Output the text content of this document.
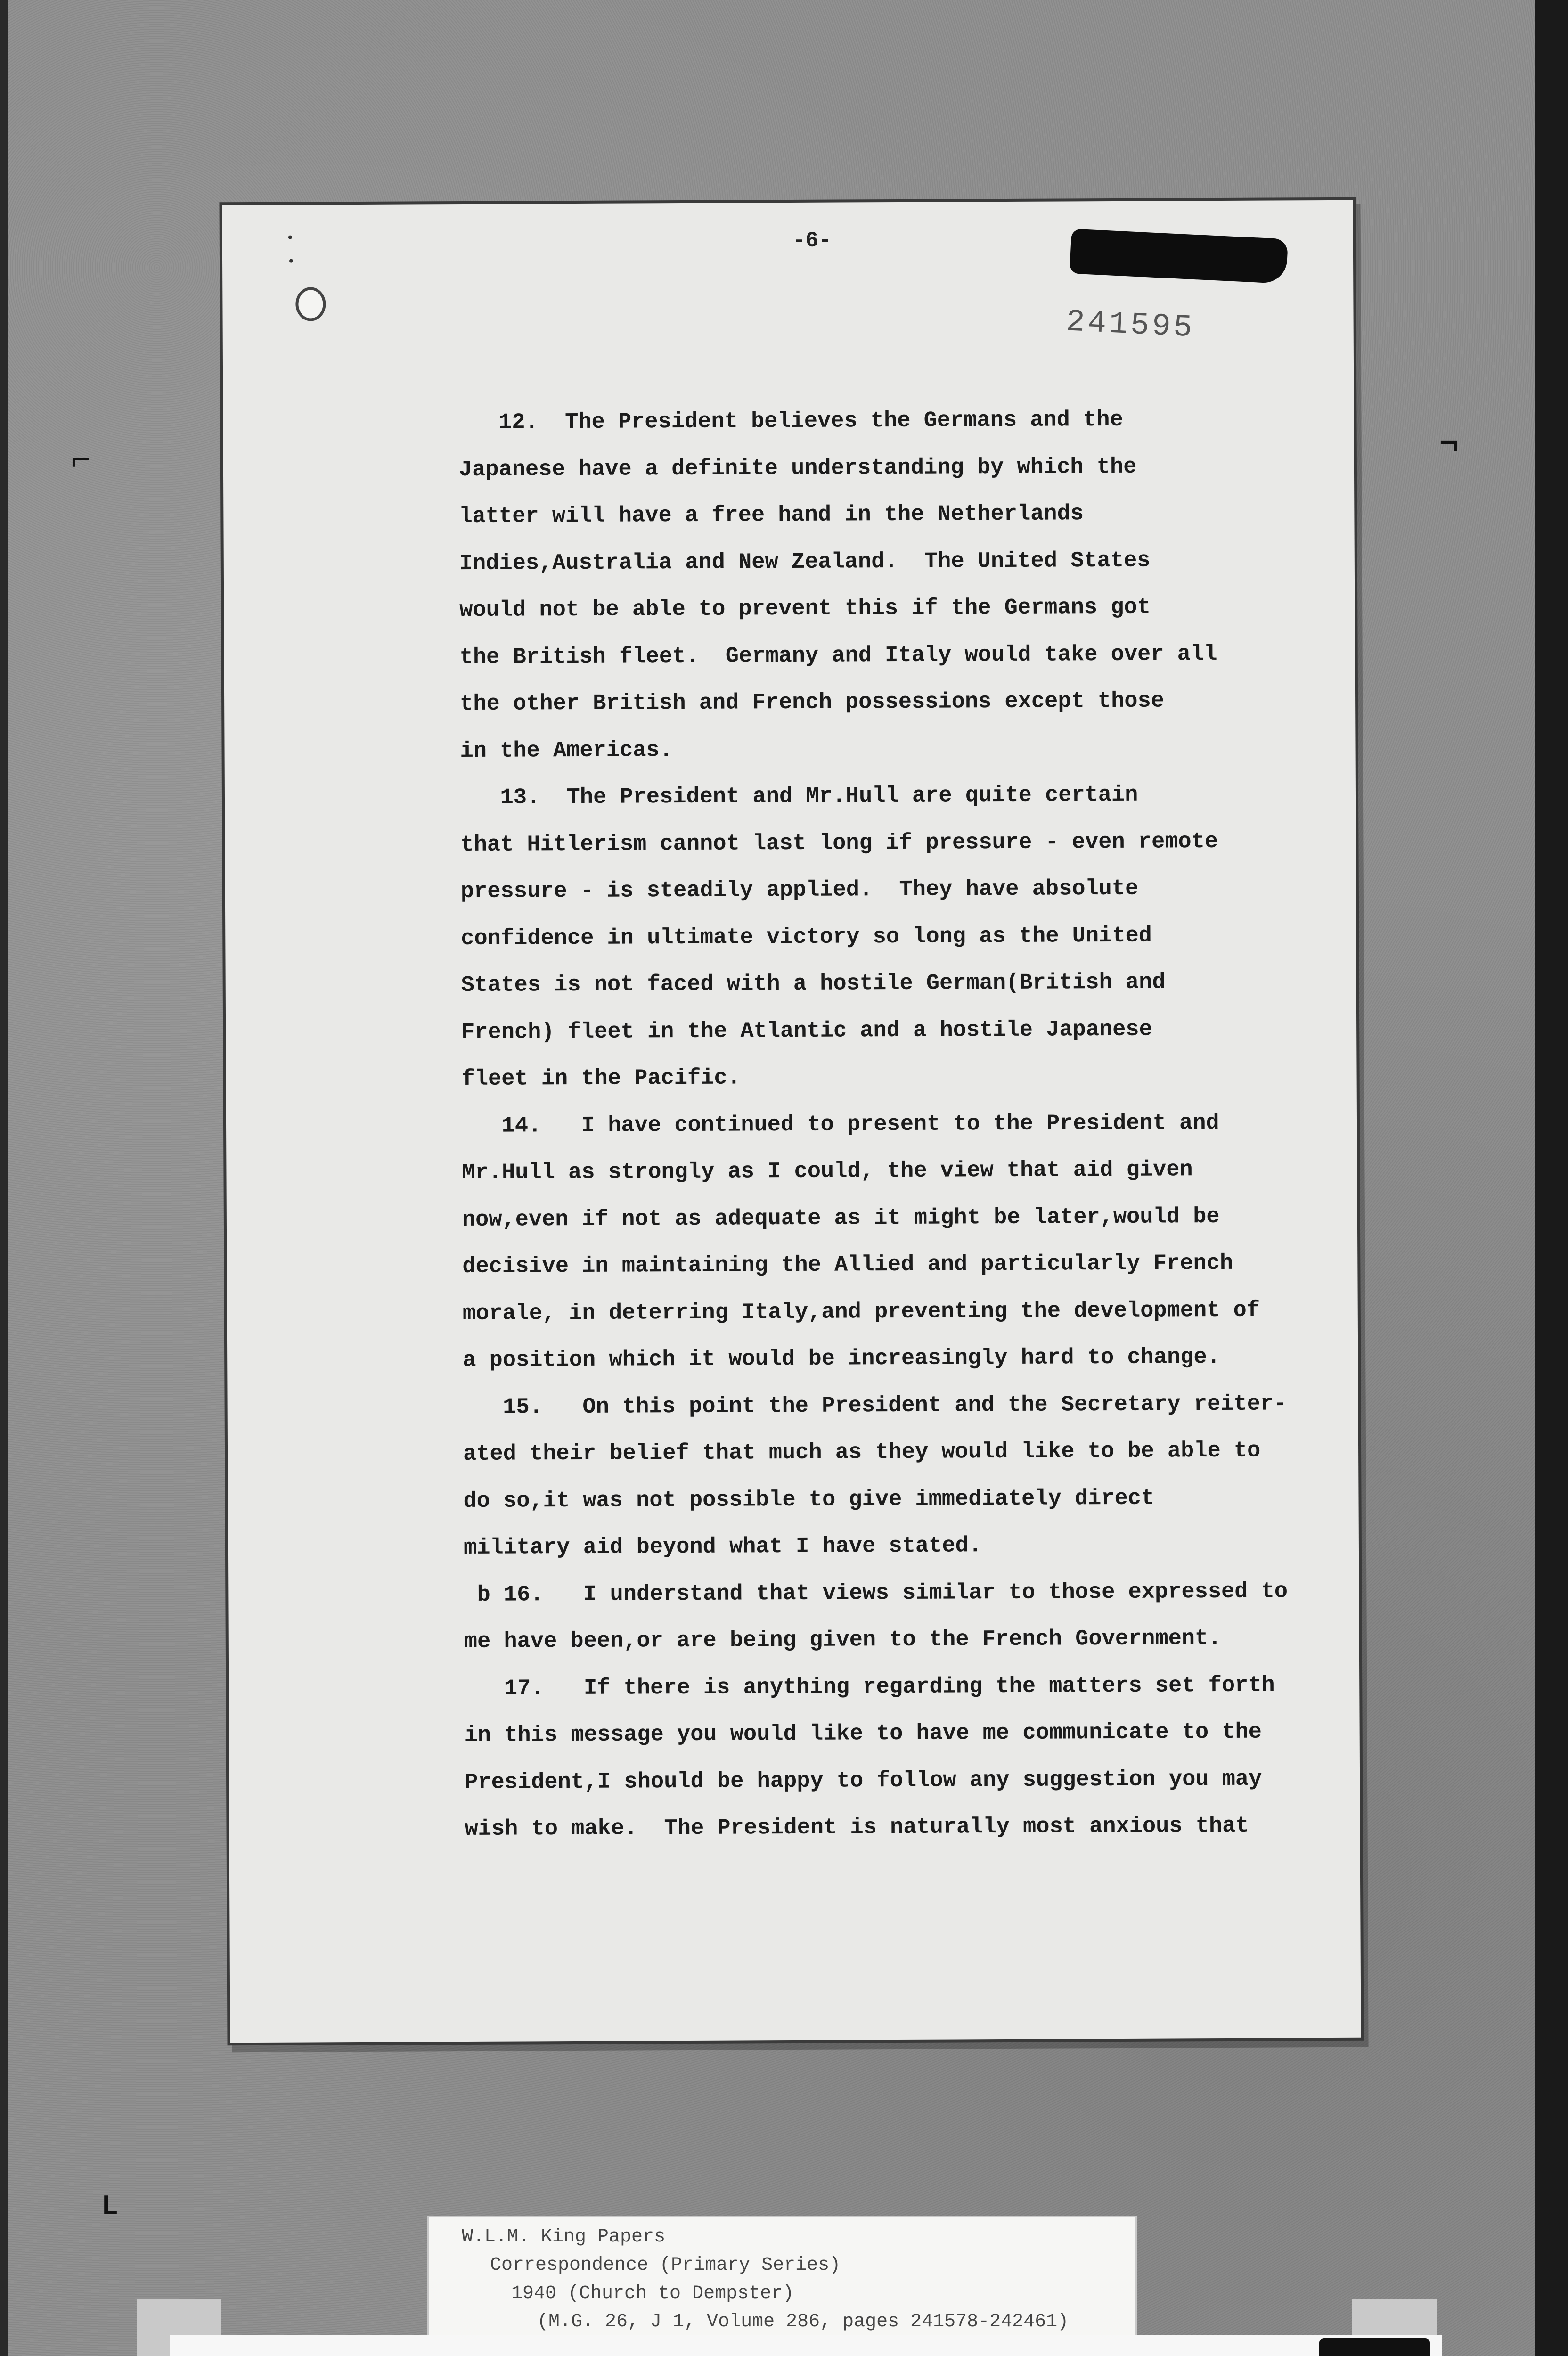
⌐	¬
L
-6-
241595
12.  The President believes the Germans and the
Japanese have a definite understanding by which the
latter will have a free hand in the Netherlands
Indies,Australia and New Zealand.  The United States
would not be able to prevent this if the Germans got
the British fleet.  Germany and Italy would take over all
the other British and French possessions except those
in the Americas.
13.  The President and Mr.Hull are quite certain
that Hitlerism cannot last long if pressure - even remote
pressure - is steadily applied.  They have absolute
confidence in ultimate victory so long as the United
States is not faced with a hostile German(British and
French) fleet in the Atlantic and a hostile Japanese
fleet in the Pacific.
14.   I have continued to present to the President and
Mr.Hull as strongly as I could, the view that aid given
now,even if not as adequate as it might be later,would be
decisive in maintaining the Allied and particularly French
morale, in deterring Italy,and preventing the development of
a position which it would be increasingly hard to change.
15.   On this point the President and the Secretary reiter-
ated their belief that much as they would like to be able to
do so,it was not possible to give immediately direct
military aid beyond what I have stated.
b 16.   I understand that views similar to those expressed to
me have been,or are being given to the French Government.
17.   If there is anything regarding the matters set forth
in this message you would like to have me communicate to the
President,I should be happy to follow any suggestion you may
wish to make.  The President is naturally most anxious that
W.L.M. King Papers
Correspondence (Primary Series)
1940 (Church to Dempster)
(M.G. 26, J 1, Volume 286, pages 241578-242461)
